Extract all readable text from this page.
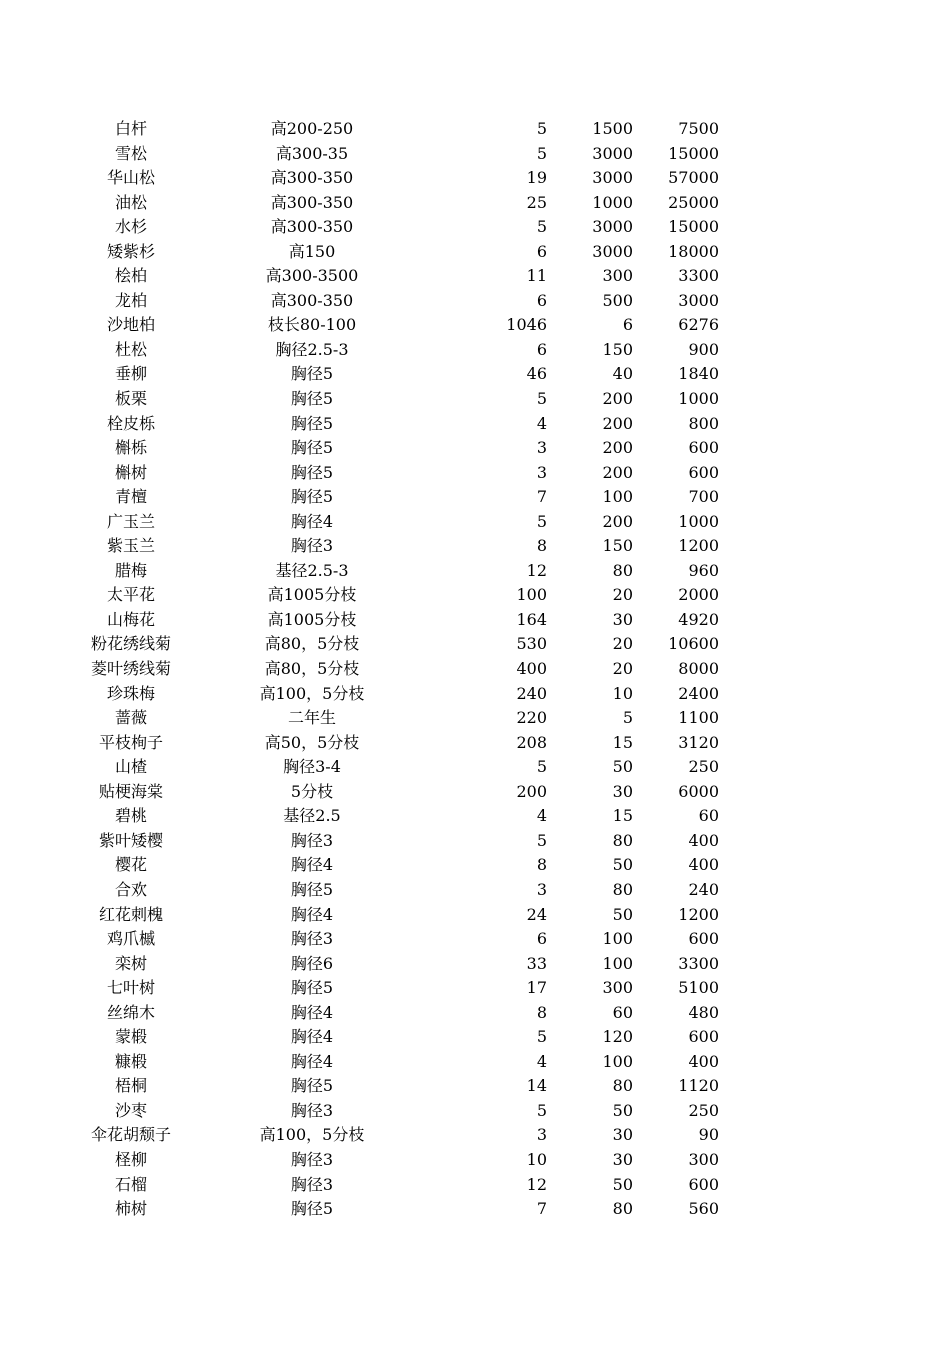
白杆	高200-250	5	1500	7500
雪松	高300-35	5	3000	15000
华山松	高300-350	19	3000	57000
油松	高300-350	25	1000	25000
水杉	高300-350	5	3000	15000
矮紫杉	高150	6	3000	18000
桧柏	高300-3500	11	300	3300
龙柏	高300-350	6	500	3000
沙地柏	枝长80-100	1046	6	6276
杜松	胸径2.5-3	6	150	900
垂柳	胸径5	46	40	1840
板栗	胸径5	5	200	1000
栓皮栎	胸径5	4	200	800
槲栎	胸径5	3	200	600
槲树	胸径5	3	200	600
青檀	胸径5	7	100	700
广玉兰	胸径4	5	200	1000
紫玉兰	胸径3	8	150	1200
腊梅	基径2.5-3	12	80	960
太平花	高1005分枝	100	20	2000
山梅花	高1005分枝	164	30	4920
粉花绣线菊	高80，5分枝	530	20	10600
菱叶绣线菊	高80，5分枝	400	20	8000
珍珠梅	高100，5分枝	240	10	2400
蔷薇	二年生	220	5	1100
平枝栒子	高50，5分枝	208	15	3120
山楂	胸径3-4	5	50	250
贴梗海棠	5分枝	200	30	6000
碧桃	基径2.5	4	15	60
紫叶矮樱	胸径3	5	80	400
樱花	胸径4	8	50	400
合欢	胸径5	3	80	240
红花刺槐	胸径4	24	50	1200
鸡爪槭	胸径3	6	100	600
栾树	胸径6	33	100	3300
七叶树	胸径5	17	300	5100
丝绵木	胸径4	8	60	480
蒙椴	胸径4	5	120	600
糠椴	胸径4	4	100	400
梧桐	胸径5	14	80	1120
沙枣	胸径3	5	50	250
伞花胡颓子	高100，5分枝	3	30	90
柽柳	胸径3	10	30	300
石榴	胸径3	12	50	600
柿树	胸径5	7	80	560
